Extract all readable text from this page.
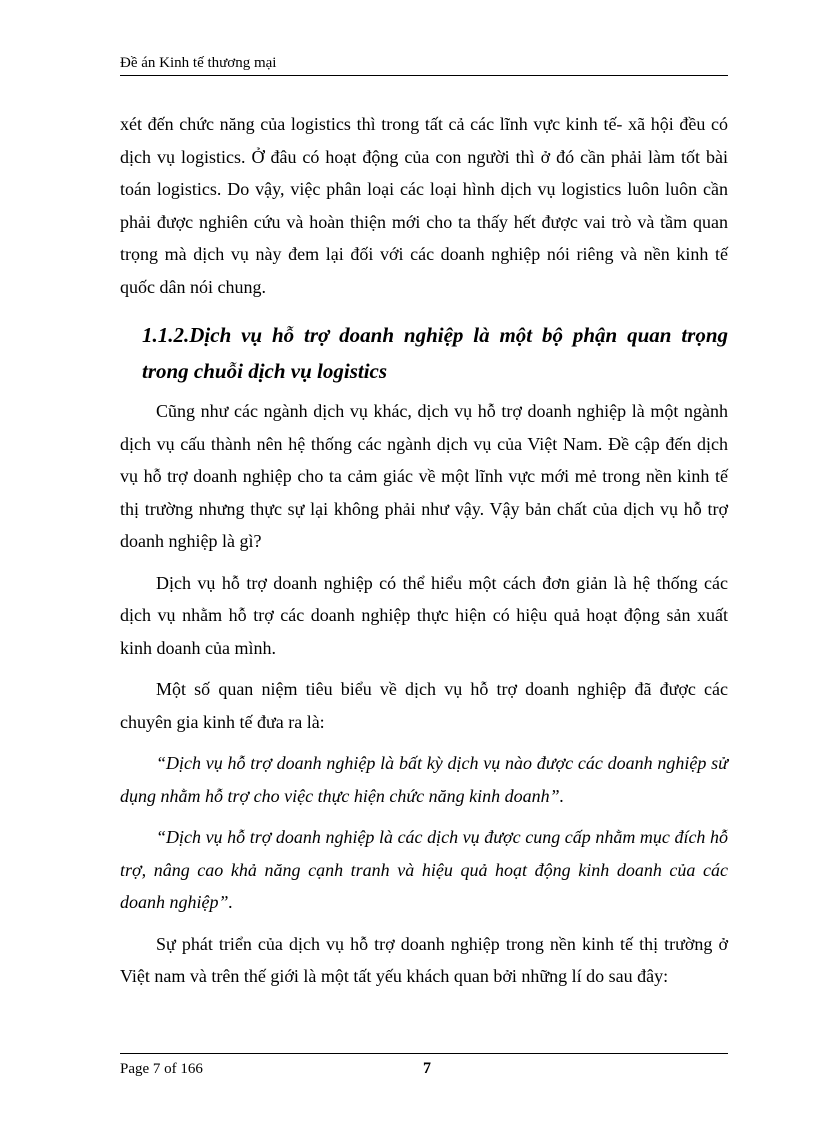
Đề án Kinh tế thương mại

xét đến chức năng của logistics thì trong tất cả các lĩnh vực kinh tế- xã hội đều có dịch vụ logistics. Ở đâu có hoạt động của con người thì ở đó cần phải làm tốt bài toán logistics. Do vậy, việc phân loại các loại hình dịch vụ logistics luôn luôn cần phải được nghiên cứu và hoàn thiện mới cho ta thấy hết được vai trò và tầm quan trọng mà dịch vụ này đem lại đối với các doanh nghiệp nói riêng và nền kinh tế quốc dân nói chung.

1.1.2.Dịch vụ hỗ trợ doanh nghiệp là một bộ phận quan trọng trong chuỗi dịch vụ logistics

Cũng như các ngành dịch vụ khác, dịch vụ hỗ trợ doanh nghiệp là một ngành dịch vụ cấu thành nên hệ thống các ngành dịch vụ của Việt Nam. Đề cập đến dịch vụ hỗ trợ doanh nghiệp cho ta cảm giác về một lĩnh vực mới mẻ trong nền kinh tế thị trường nhưng thực sự lại không phải như vậy. Vậy bản chất của dịch vụ hỗ trợ doanh nghiệp là gì?

Dịch vụ hỗ trợ doanh nghiệp có thể hiểu một cách đơn giản là hệ thống các dịch vụ nhằm hỗ trợ các doanh nghiệp thực hiện có hiệu quả hoạt động sản xuất kinh doanh của mình.

Một số quan niệm tiêu biểu về dịch vụ hỗ trợ doanh nghiệp đã được các chuyên gia kinh tế đưa ra là:

“Dịch vụ hỗ trợ doanh nghiệp là bất kỳ dịch vụ nào được các doanh nghiệp sử dụng nhằm hỗ trợ cho việc thực hiện chức năng kinh doanh”.

“Dịch vụ hỗ trợ doanh nghiệp là các dịch vụ được cung cấp nhằm mục đích hỗ trợ, nâng cao khả năng cạnh tranh và hiệu quả hoạt động kinh doanh của các doanh nghiệp”.

Sự phát triển của dịch vụ hỗ trợ doanh nghiệp trong nền kinh tế thị trường ở Việt nam và trên thế giới là một tất yếu khách quan bởi những lí do sau đây:

Page 7 of 166	7
